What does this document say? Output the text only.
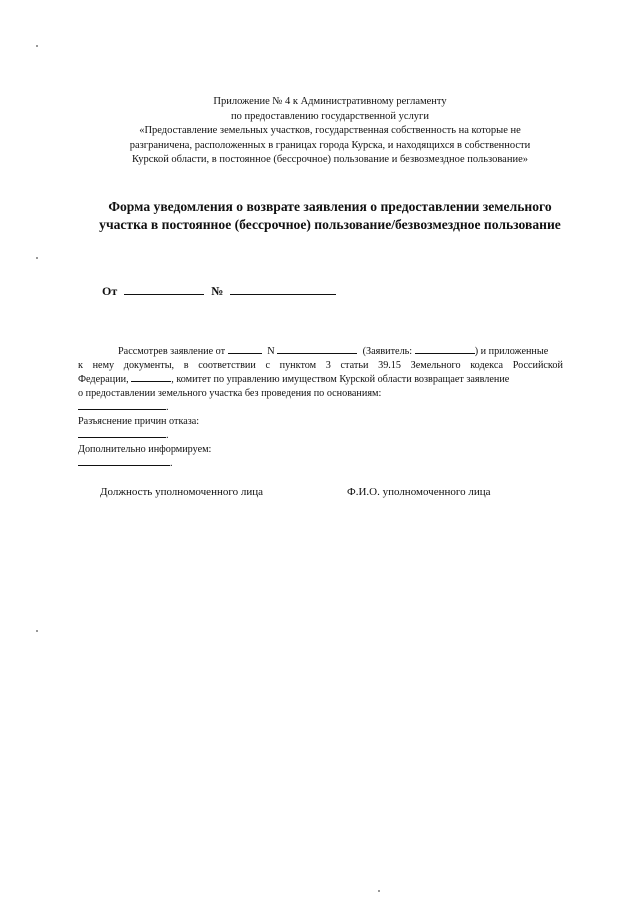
Приложение № 4 к Административному регламенту
по предоставлению государственной услуги
«Предоставление земельных участков, государственная собственность на которые не
разграничена, расположенных в границах города Курска, и находящихся в собственности
Курской области, в постоянное (бессрочное) пользование и безвозмездное пользование»
Форма уведомления о возврате заявления о предоставлении земельного
участка в постоянное (бессрочное) пользование/безвозмездное пользование
От	№
Рассмотрев заявление от	N	(Заявитель:	) и приложенные
к нему документы, в соответствии с пунктом 3 статьи 39.15 Земельного кодекса Российской
Федерации,	, комитет по управлению имуществом Курской области возвращает заявление
о предоставлении земельного участка без проведения по основаниям:
.
Разъяснение причин отказа:
.
Дополнительно информируем:
.
Должность уполномоченного лица	Ф.И.О. уполномоченного лица
